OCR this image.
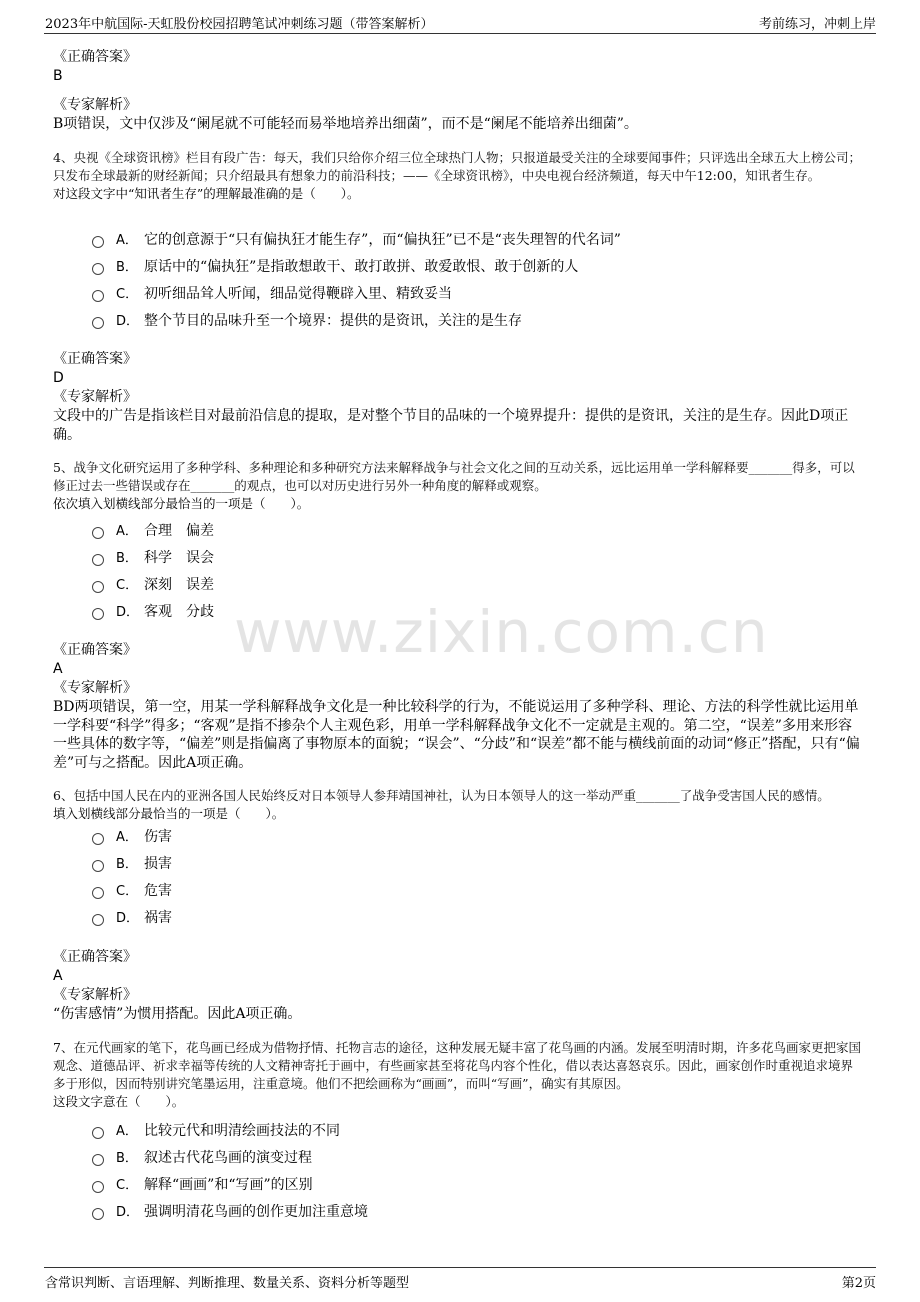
2023年中航国际-天虹股份校园招聘笔试冲刺练习题（带答案解析）	考前练习，冲刺上岸
www.zixin.com.cn
《正确答案》
B
《专家解析》
B项错误，文中仅涉及“阑尾就不可能轻而易举地培养出细菌”，而不是“阑尾不能培养出细菌”。
4、央视《全球资讯榜》栏目有段广告：每天，我们只给你介绍三位全球热门人物；只报道最受关注的全球要闻事件；只评选出全球五大上榜公司；只发布全球最新的财经新闻；只介绍最具有想象力的前沿科技；——《全球资讯榜》，中央电视台经济频道，每天中午12:00，知讯者生存。
对这段文字中“知讯者生存”的理解最准确的是（　　）。
A． 它的创意源于“只有偏执狂才能生存”，而“偏执狂”已不是“丧失理智的代名词”
B． 原话中的“偏执狂”是指敢想敢干、敢打敢拼、敢爱敢恨、敢于创新的人
C． 初听细品耸人听闻，细品觉得鞭辟入里、精致妥当
D． 整个节目的品味升至一个境界：提供的是资讯，关注的是生存
《正确答案》
D
《专家解析》
文段中的广告是指该栏目对最前沿信息的提取，是对整个节目的品味的一个境界提升：提供的是资讯，关注的是生存。因此D项正确。
5、战争文化研究运用了多种学科、多种理论和多种研究方法来解释战争与社会文化之间的互动关系，远比运用单一学科解释要_______得多，可以修正过去一些错误或存在_______的观点，也可以对历史进行另外一种角度的解释或观察。
依次填入划横线部分最恰当的一项是（　　）。
A． 合理　偏差
B． 科学　误会
C． 深刻　误差
D． 客观　分歧
《正确答案》
A
《专家解析》
BD两项错误，第一空，用某一学科解释战争文化是一种比较科学的行为，不能说运用了多种学科、理论、方法的科学性就比运用单一学科要“科学”得多；“客观”是指不掺杂个人主观色彩，用单一学科解释战争文化不一定就是主观的。第二空，“误差”多用来形容一些具体的数字等，“偏差”则是指偏离了事物原本的面貌；“误会”、“分歧”和“误差”都不能与横线前面的动词“修正”搭配，只有“偏差”可与之搭配。因此A项正确。
6、包括中国人民在内的亚洲各国人民始终反对日本领导人参拜靖国神社，认为日本领导人的这一举动严重_______了战争受害国人民的感情。
填入划横线部分最恰当的一项是（　　）。
A． 伤害
B． 损害
C． 危害
D． 祸害
《正确答案》
A
《专家解析》
“伤害感情”为惯用搭配。因此A项正确。
7、在元代画家的笔下，花鸟画已经成为借物抒情、托物言志的途径，这种发展无疑丰富了花鸟画的内涵。发展至明清时期，许多花鸟画家更把家国观念、道德品评、祈求幸福等传统的人文精神寄托于画中，有些画家甚至将花鸟内容个性化，借以表达喜怒哀乐。因此，画家创作时重视追求境界多于形似，因而特别讲究笔墨运用，注重意境。他们不把绘画称为“画画”，而叫“写画”，确实有其原因。
这段文字意在（　　）。
A． 比较元代和明清绘画技法的不同
B． 叙述古代花鸟画的演变过程
C． 解释“画画”和“写画”的区别
D． 强调明清花鸟画的创作更加注重意境
含常识判断、言语理解、判断推理、数量关系、资料分析等题型	第2页
